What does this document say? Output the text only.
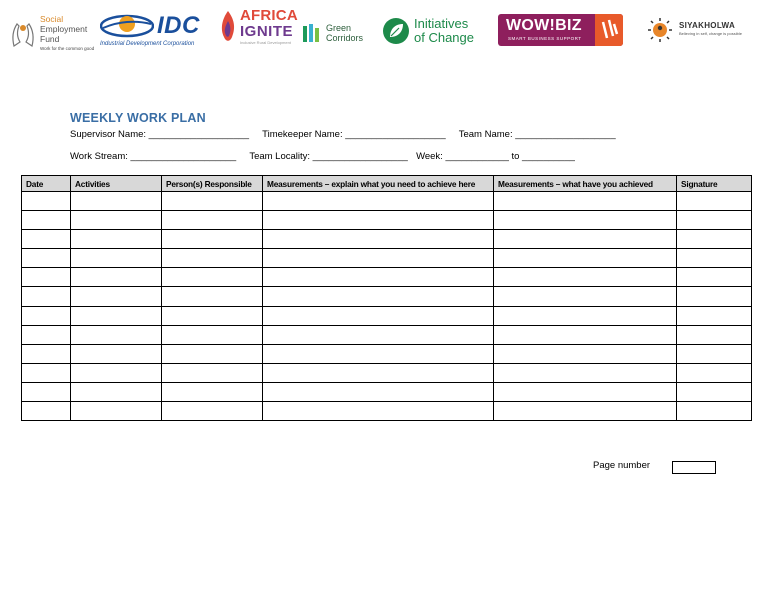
Social
Employment
Fund
Work for the common good
IDC
Industrial Development Corporation
AFRICA
IGNITE
Inclusive Rural Development
Green
Corridors
Initiatives
of Change
WOW!BIZ
SMART BUSINESS SUPPORT
SIYAKHOLWA
Believing in self, change is possible
WEEKLY WORK PLAN
Supervisor Name: ___________________ Timekeeper Name: ___________________ Team Name: ___________________
Work Stream: ____________________ Team Locality: __________________ Week: ____________ to __________
Date	Activities	Person(s) Responsible	Measurements – explain what you need to achieve here	Measurements – what have you achieved	Signature

Page number
